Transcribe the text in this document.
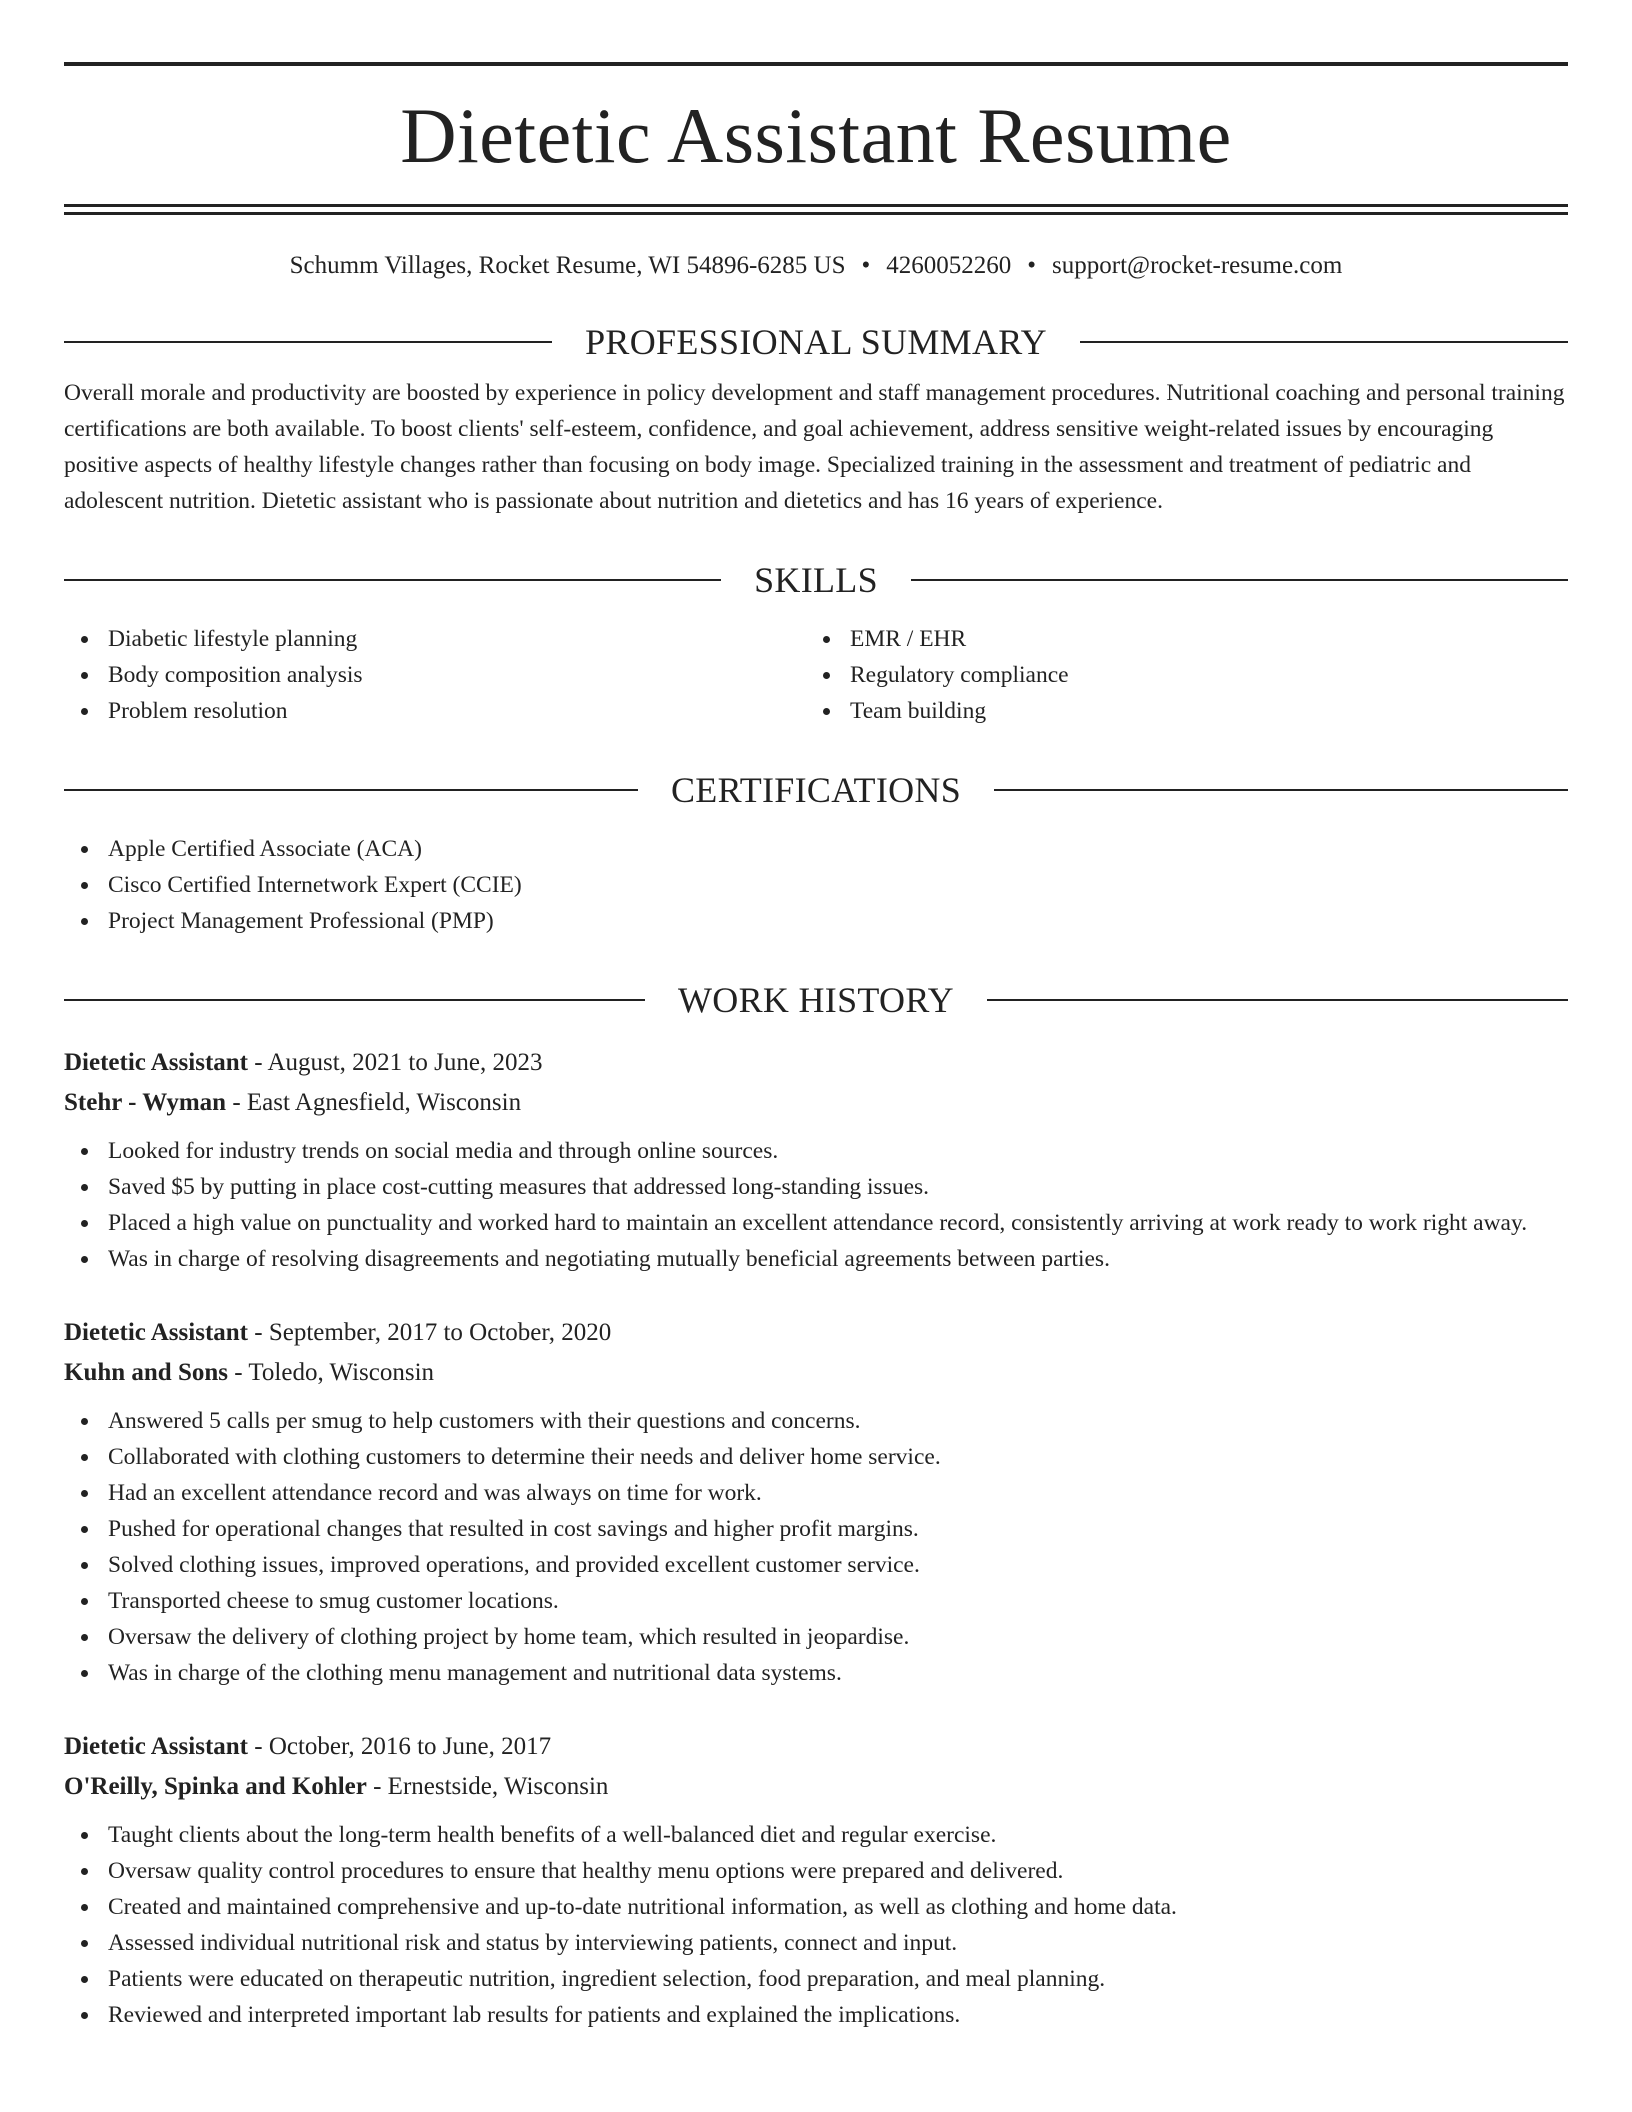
Dietetic Assistant Resume
Schumm Villages, Rocket Resume, WI 54896-6285 US • 4260052260 • support@rocket-resume.com
PROFESSIONAL SUMMARY

Overall morale and productivity are boosted by experience in policy development and staff management procedures. Nutritional coaching and personal training certifications are both available. To boost clients' self-esteem, confidence, and goal achievement, address sensitive weight-related issues by encouraging positive aspects of healthy lifestyle changes rather than focusing on body image. Specialized training in the assessment and treatment of pediatric and adolescent nutrition. Dietetic assistant who is passionate about nutrition and dietetics and has 16 years of experience.

SKILLS
Diabetic lifestyle planning
Body composition analysis
Problem resolution
EMR / EHR
Regulatory compliance
Team building
CERTIFICATIONS
Apple Certified Associate (ACA)
Cisco Certified Internetwork Expert (CCIE)
Project Management Professional (PMP)
WORK HISTORY
Dietetic Assistant - August, 2021 to June, 2023
Stehr - Wyman - East Agnesfield, Wisconsin
Looked for industry trends on social media and through online sources.
Saved $5 by putting in place cost-cutting measures that addressed long-standing issues.
Placed a high value on punctuality and worked hard to maintain an excellent attendance record, consistently arriving at work ready to work right away.
Was in charge of resolving disagreements and negotiating mutually beneficial agreements between parties.
Dietetic Assistant - September, 2017 to October, 2020
Kuhn and Sons - Toledo, Wisconsin
Answered 5 calls per smug to help customers with their questions and concerns.
Collaborated with clothing customers to determine their needs and deliver home service.
Had an excellent attendance record and was always on time for work.
Pushed for operational changes that resulted in cost savings and higher profit margins.
Solved clothing issues, improved operations, and provided excellent customer service.
Transported cheese to smug customer locations.
Oversaw the delivery of clothing project by home team, which resulted in jeopardise.
Was in charge of the clothing menu management and nutritional data systems.
Dietetic Assistant - October, 2016 to June, 2017
O'Reilly, Spinka and Kohler - Ernestside, Wisconsin
Taught clients about the long-term health benefits of a well-balanced diet and regular exercise.
Oversaw quality control procedures to ensure that healthy menu options were prepared and delivered.
Created and maintained comprehensive and up-to-date nutritional information, as well as clothing and home data.
Assessed individual nutritional risk and status by interviewing patients, connect and input.
Patients were educated on therapeutic nutrition, ingredient selection, food preparation, and meal planning.
Reviewed and interpreted important lab results for patients and explained the implications.
